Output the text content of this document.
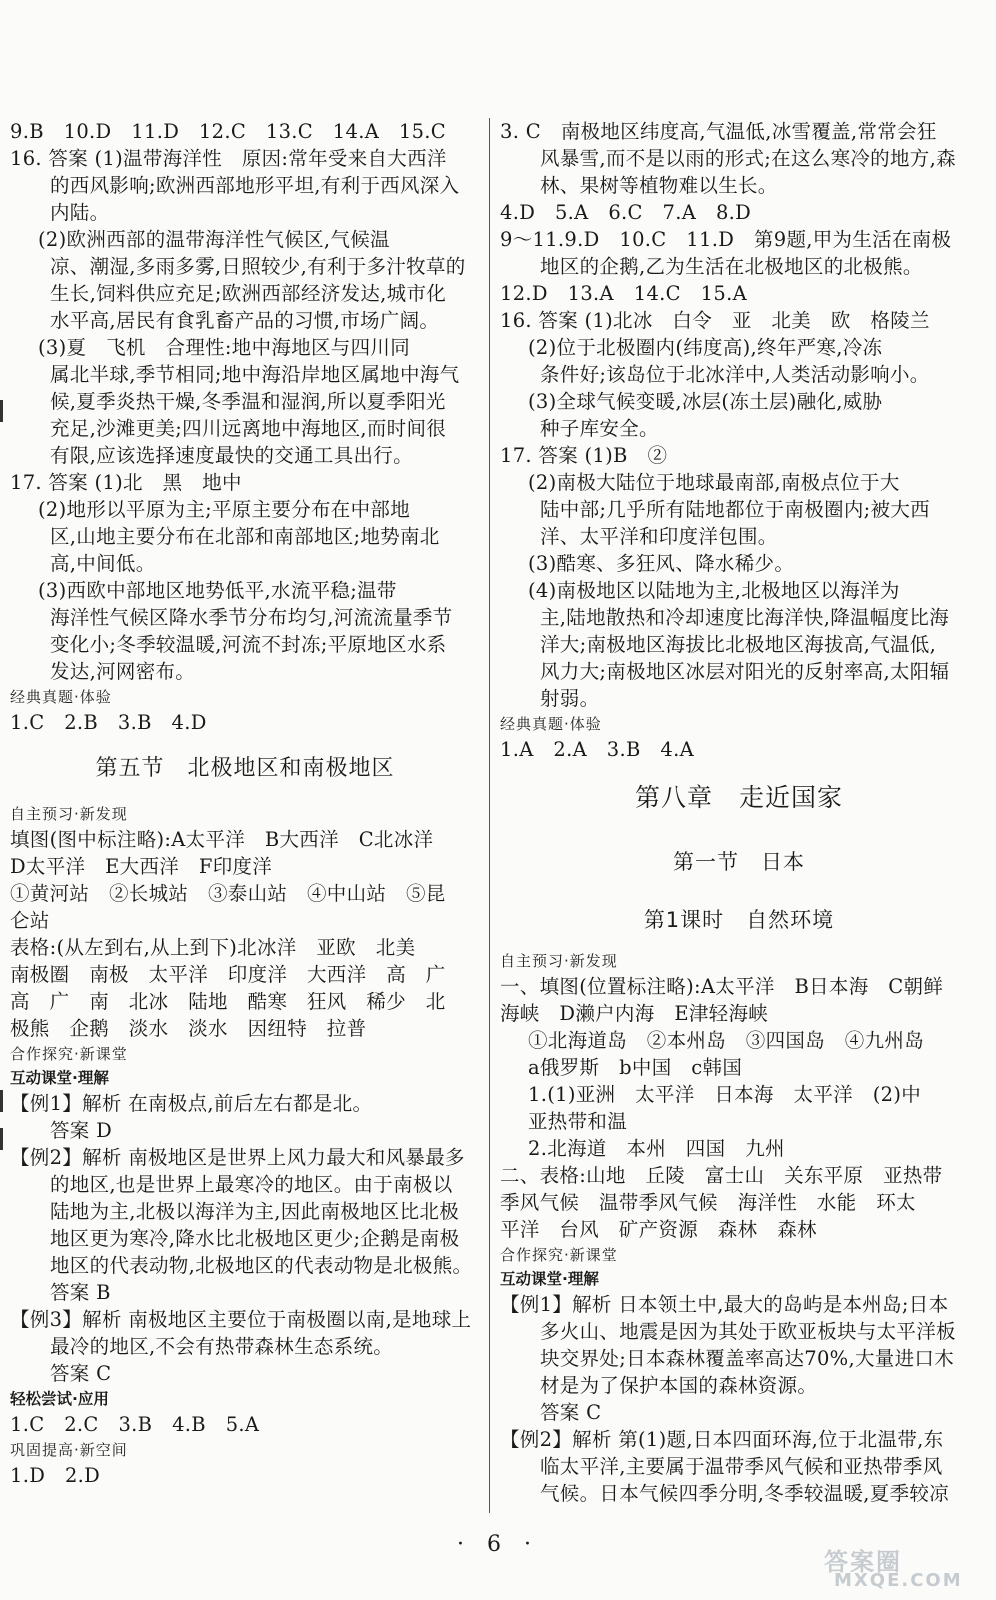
9.B　10.D　11.D　12.C　13.C　14.A　15.C
16. 答案 (1)温带海洋性　原因:常年受来自大西洋
的西风影响;欧洲西部地形平坦,有利于西风深入
内陆。
(2)欧洲西部的温带海洋性气候区,气候温
凉、潮湿,多雨多雾,日照较少,有利于多汁牧草的
生长,饲料供应充足;欧洲西部经济发达,城市化
水平高,居民有食乳畜产品的习惯,市场广阔。
(3)夏　飞机　合理性:地中海地区与四川同
属北半球,季节相同;地中海沿岸地区属地中海气
候,夏季炎热干燥,冬季温和湿润,所以夏季阳光
充足,沙滩更美;四川远离地中海地区,而时间很
有限,应该选择速度最快的交通工具出行。
17. 答案 (1)北　黑　地中
(2)地形以平原为主;平原主要分布在中部地
区,山地主要分布在北部和南部地区;地势南北
高,中间低。
(3)西欧中部地区地势低平,水流平稳;温带
海洋性气候区降水季节分布均匀,河流流量季节
变化小;冬季较温暖,河流不封冻;平原地区水系
发达,河网密布。
经典真题·体验
1.C　2.B　3.B　4.D
第五节　北极地区和南极地区
自主预习·新发现
填图(图中标注略):A太平洋　B大西洋　C北冰洋
D太平洋　E大西洋　F印度洋
①黄河站　②长城站　③泰山站　④中山站　⑤昆
仑站
表格:(从左到右,从上到下)北冰洋　亚欧　北美
南极圈　南极　太平洋　印度洋　大西洋　高　广
高　广　南　北冰　陆地　酷寒　狂风　稀少　北
极熊　企鹅　淡水　淡水　因纽特　拉普
合作探究·新课堂
互动课堂·理解
【例1】解析 在南极点,前后左右都是北。
答案 D
【例2】解析 南极地区是世界上风力最大和风暴最多
的地区,也是世界上最寒冷的地区。由于南极以
陆地为主,北极以海洋为主,因此南极地区比北极
地区更为寒冷,降水比北极地区更少;企鹅是南极
地区的代表动物,北极地区的代表动物是北极熊。
答案 B
【例3】解析 南极地区主要位于南极圈以南,是地球上
最冷的地区,不会有热带森林生态系统。
答案 C
轻松尝试·应用
1.C　2.C　3.B　4.B　5.A
巩固提高·新空间
1.D　2.D
3. C　南极地区纬度高,气温低,冰雪覆盖,常常会狂
风暴雪,而不是以雨的形式;在这么寒冷的地方,森
林、果树等植物难以生长。
4.D　5.A　6.C　7.A　8.D
9～11.9.D　10.C　11.D　第9题,甲为生活在南极
地区的企鹅,乙为生活在北极地区的北极熊。
12.D　13.A　14.C　15.A
16. 答案 (1)北冰　白令　亚　北美　欧　格陵兰
(2)位于北极圈内(纬度高),终年严寒,冷冻
条件好;该岛位于北冰洋中,人类活动影响小。
(3)全球气候变暖,冰层(冻土层)融化,威胁
种子库安全。
17. 答案 (1)B　②
(2)南极大陆位于地球最南部,南极点位于大
陆中部;几乎所有陆地都位于南极圈内;被大西
洋、太平洋和印度洋包围。
(3)酷寒、多狂风、降水稀少。
(4)南极地区以陆地为主,北极地区以海洋为
主,陆地散热和冷却速度比海洋快,降温幅度比海
洋大;南极地区海拔比北极地区海拔高,气温低,
风力大;南极地区冰层对阳光的反射率高,太阳辐
射弱。
经典真题·体验
1.A　2.A　3.B　4.A
第八章　走近国家
第一节　日本
第1课时　自然环境
自主预习·新发现
一、填图(位置标注略):A太平洋　B日本海　C朝鲜
海峡　D濑户内海　E津轻海峡
①北海道岛　②本州岛　③四国岛　④九州岛
a俄罗斯　b中国　c韩国
1.(1)亚洲　太平洋　日本海　太平洋　(2)中
亚热带和温
2.北海道　本州　四国　九州
二、表格:山地　丘陵　富士山　关东平原　亚热带
季风气候　温带季风气候　海洋性　水能　环太
平洋　台风　矿产资源　森林　森林
合作探究·新课堂
互动课堂·理解
【例1】解析 日本领土中,最大的岛屿是本州岛;日本
多火山、地震是因为其处于欧亚板块与太平洋板
块交界处;日本森林覆盖率高达70%,大量进口木
材是为了保护本国的森林资源。
答案 C
【例2】解析 第(1)题,日本四面环海,位于北温带,东
临太平洋,主要属于温带季风气候和亚热带季风
气候。日本气候四季分明,冬季较温暖,夏季较凉
· 6 ·
答案圈
MXQE.COM
